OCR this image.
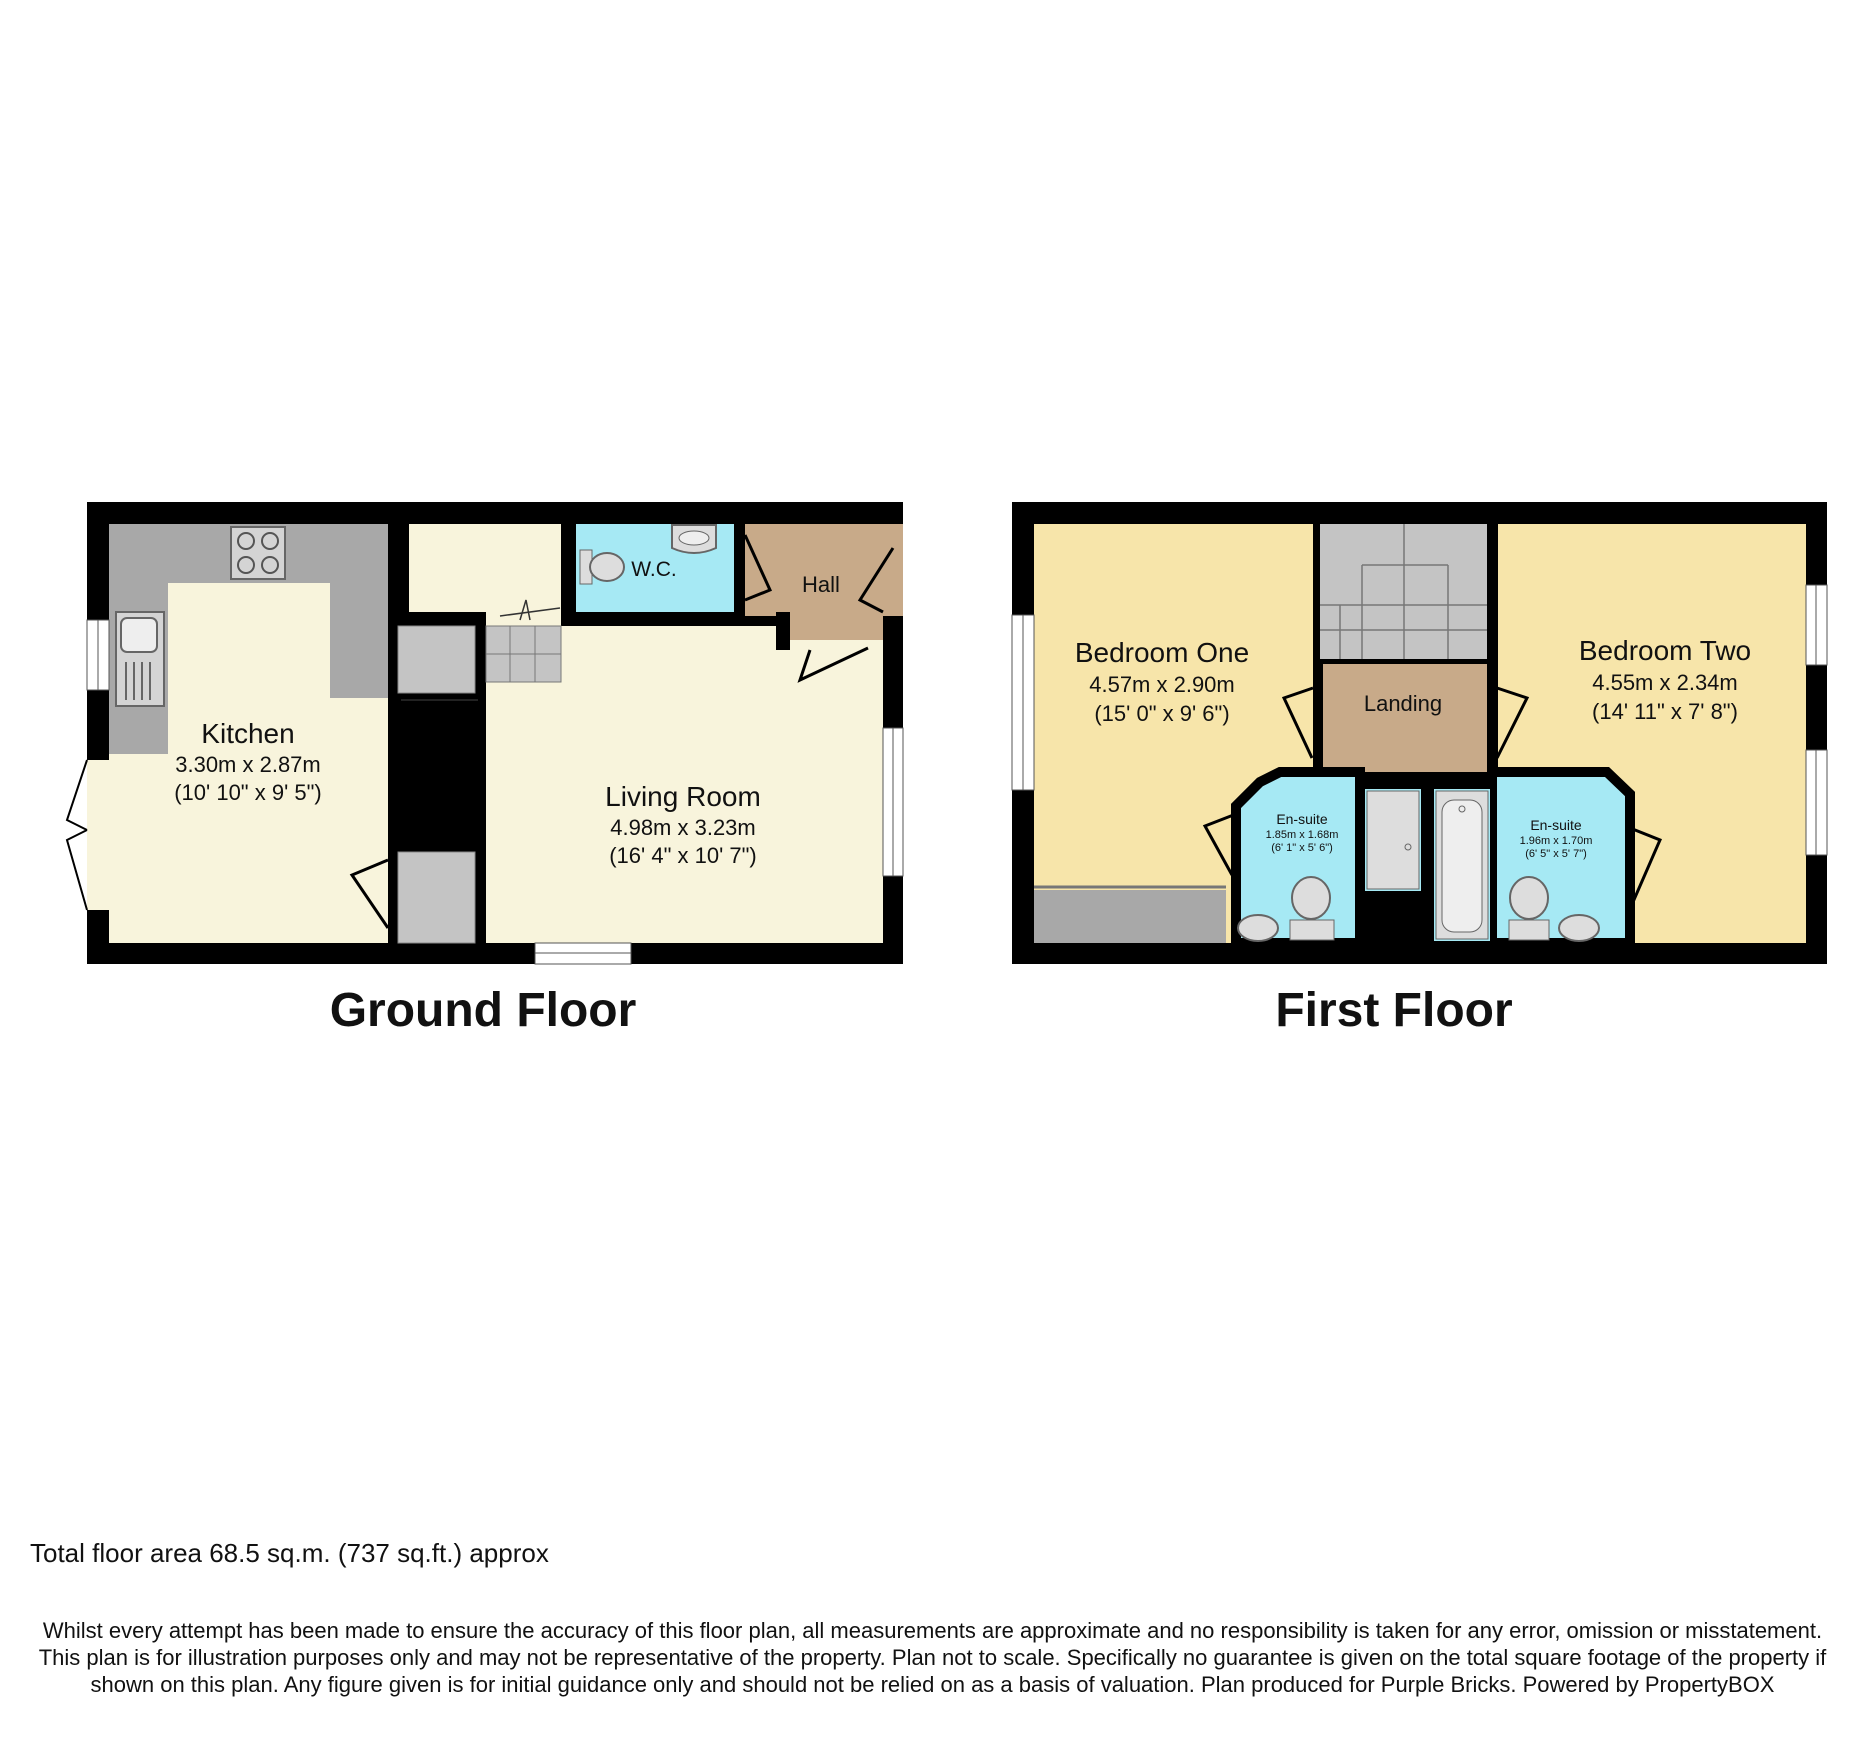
Kitchen
3.30m x 2.87m
(10' 10" x 9' 5")	Living Room
4.98m x 3.23m
(16' 4" x 10' 7")
W.C.
Hall
Bedroom One
4.57m x 2.90m
(15' 0" x 9' 6")
Bedroom Two
4.55m x 2.34m
(14' 11" x 7' 8")
Landing
En-suite
1.85m x 1.68m
(6' 1" x 5' 6")
En-suite
1.96m x 1.70m
(6' 5" x 5' 7")
Ground Floor	First Floor
Total floor area 68.5 sq.m. (737 sq.ft.) approx
Whilst every attempt has been made to ensure the accuracy of this floor plan, all measurements are approximate and no responsibility is taken for any error, omission or misstatement. This plan is for illustration purposes only and may not be representative of the property. Plan not to scale. Specifically no guarantee is given on the total square footage of the property if shown on this plan. Any figure given is for initial guidance only and should not be relied on as a basis of valuation. Plan produced for Purple Bricks. Powered by PropertyBOX
